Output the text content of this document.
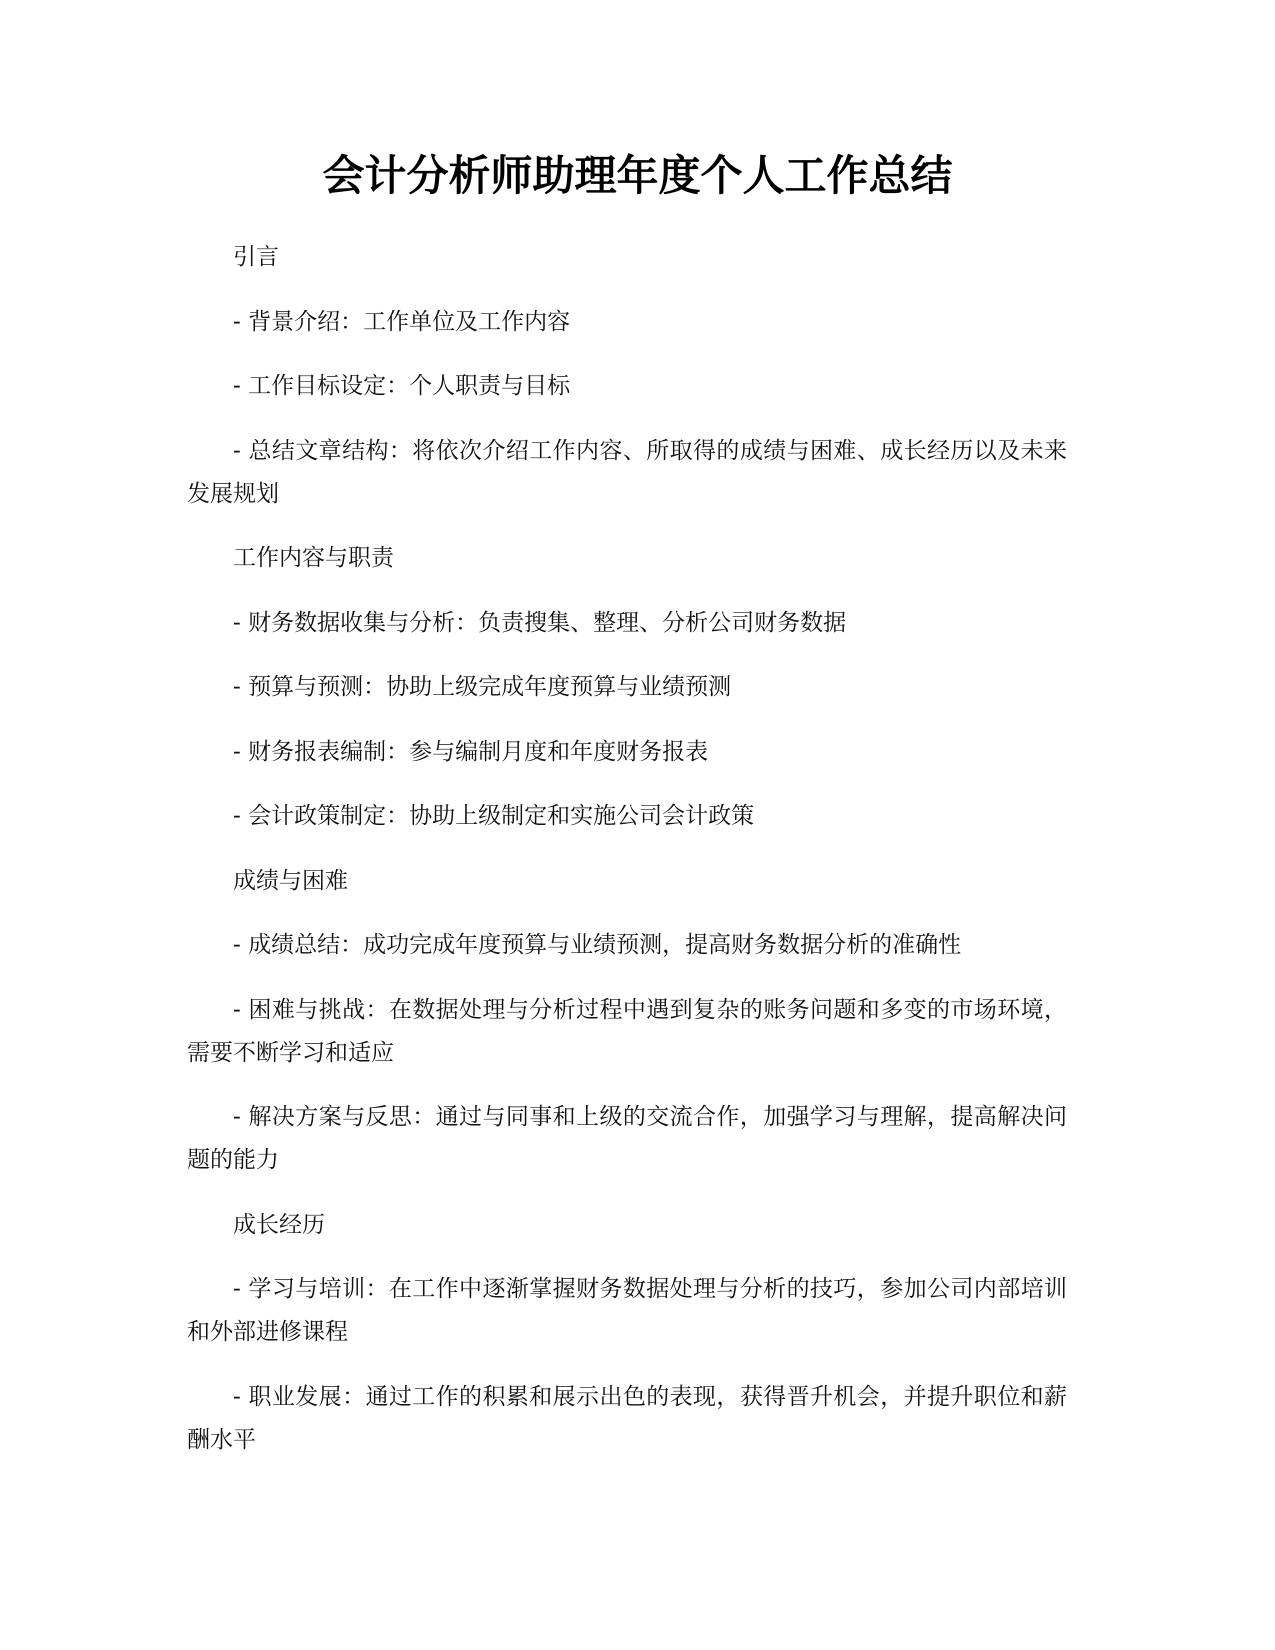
会计分析师助理年度个人工作总结

引言

- 背景介绍：工作单位及工作内容

- 工作目标设定：个人职责与目标

- 总结文章结构：将依次介绍工作内容、所取得的成绩与困难、成长经历以及未来发展规划

工作内容与职责

- 财务数据收集与分析：负责搜集、整理、分析公司财务数据

- 预算与预测：协助上级完成年度预算与业绩预测

- 财务报表编制：参与编制月度和年度财务报表

- 会计政策制定：协助上级制定和实施公司会计政策

成绩与困难

- 成绩总结：成功完成年度预算与业绩预测，提高财务数据分析的准确性

- 困难与挑战：在数据处理与分析过程中遇到复杂的账务问题和多变的市场环境，需要不断学习和适应

- 解决方案与反思：通过与同事和上级的交流合作，加强学习与理解，提高解决问题的能力

成长经历

- 学习与培训：在工作中逐渐掌握财务数据处理与分析的技巧，参加公司内部培训和外部进修课程

- 职业发展：通过工作的积累和展示出色的表现，获得晋升机会，并提升职位和薪酬水平
